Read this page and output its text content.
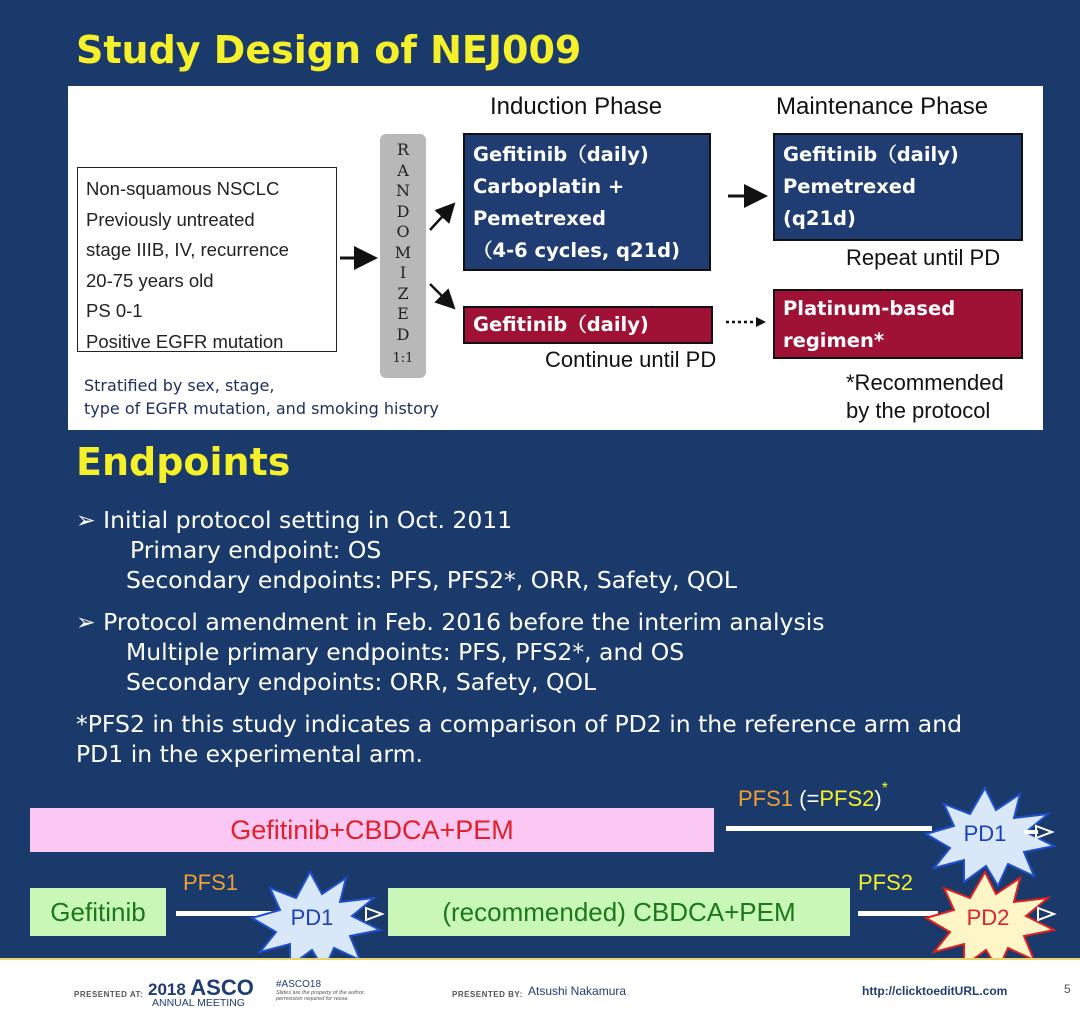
Study Design of NEJ009
Induction Phase	Maintenance Phase
Non-squamous NSCLC
Previously untreated
stage IIIB, IV, recurrence
20-75 years old
PS 0-1
Positive EGFR mutation
Stratified by sex, stage,
type of EGFR mutation, and smoking history
R
A
N
D
O
M
I
Z
E
D
1:1
Gefitinib（daily)
Carboplatin +
Pemetrexed
（4-6 cycles, q21d)
Gefitinib（daily)
Pemetrexed
(q21d)
Repeat until PD
Gefitinib（daily)
Continue until PD
Platinum-based
regimen*
*Recommended
by the protocol
Endpoints
➢ Initial protocol setting in Oct. 2011
Primary endpoint: OS
Secondary endpoints: PFS, PFS2*, ORR, Safety, QOL
➢ Protocol amendment in Feb. 2016 before the interim analysis
Multiple primary endpoints: PFS, PFS2*, and OS
Secondary endpoints: ORR, Safety, QOL
*PFS2 in this study indicates a comparison of PD2 in the reference arm and
PD1 in the experimental arm.
Gefitinib+CBDCA+PEM
PFS1 (=PFS2)*
Gefitinib
PFS1
(recommended) CBDCA+PEM
PFS2
PD1
PD1	PD2
PRESENTED AT: 2018 ASCO
ANNUAL MEETING
#ASCO18
Slides are the property of the author,
permission required for reuse.	PRESENTED BY: Atsushi Nakamura	http://clicktoeditURL.com	5
